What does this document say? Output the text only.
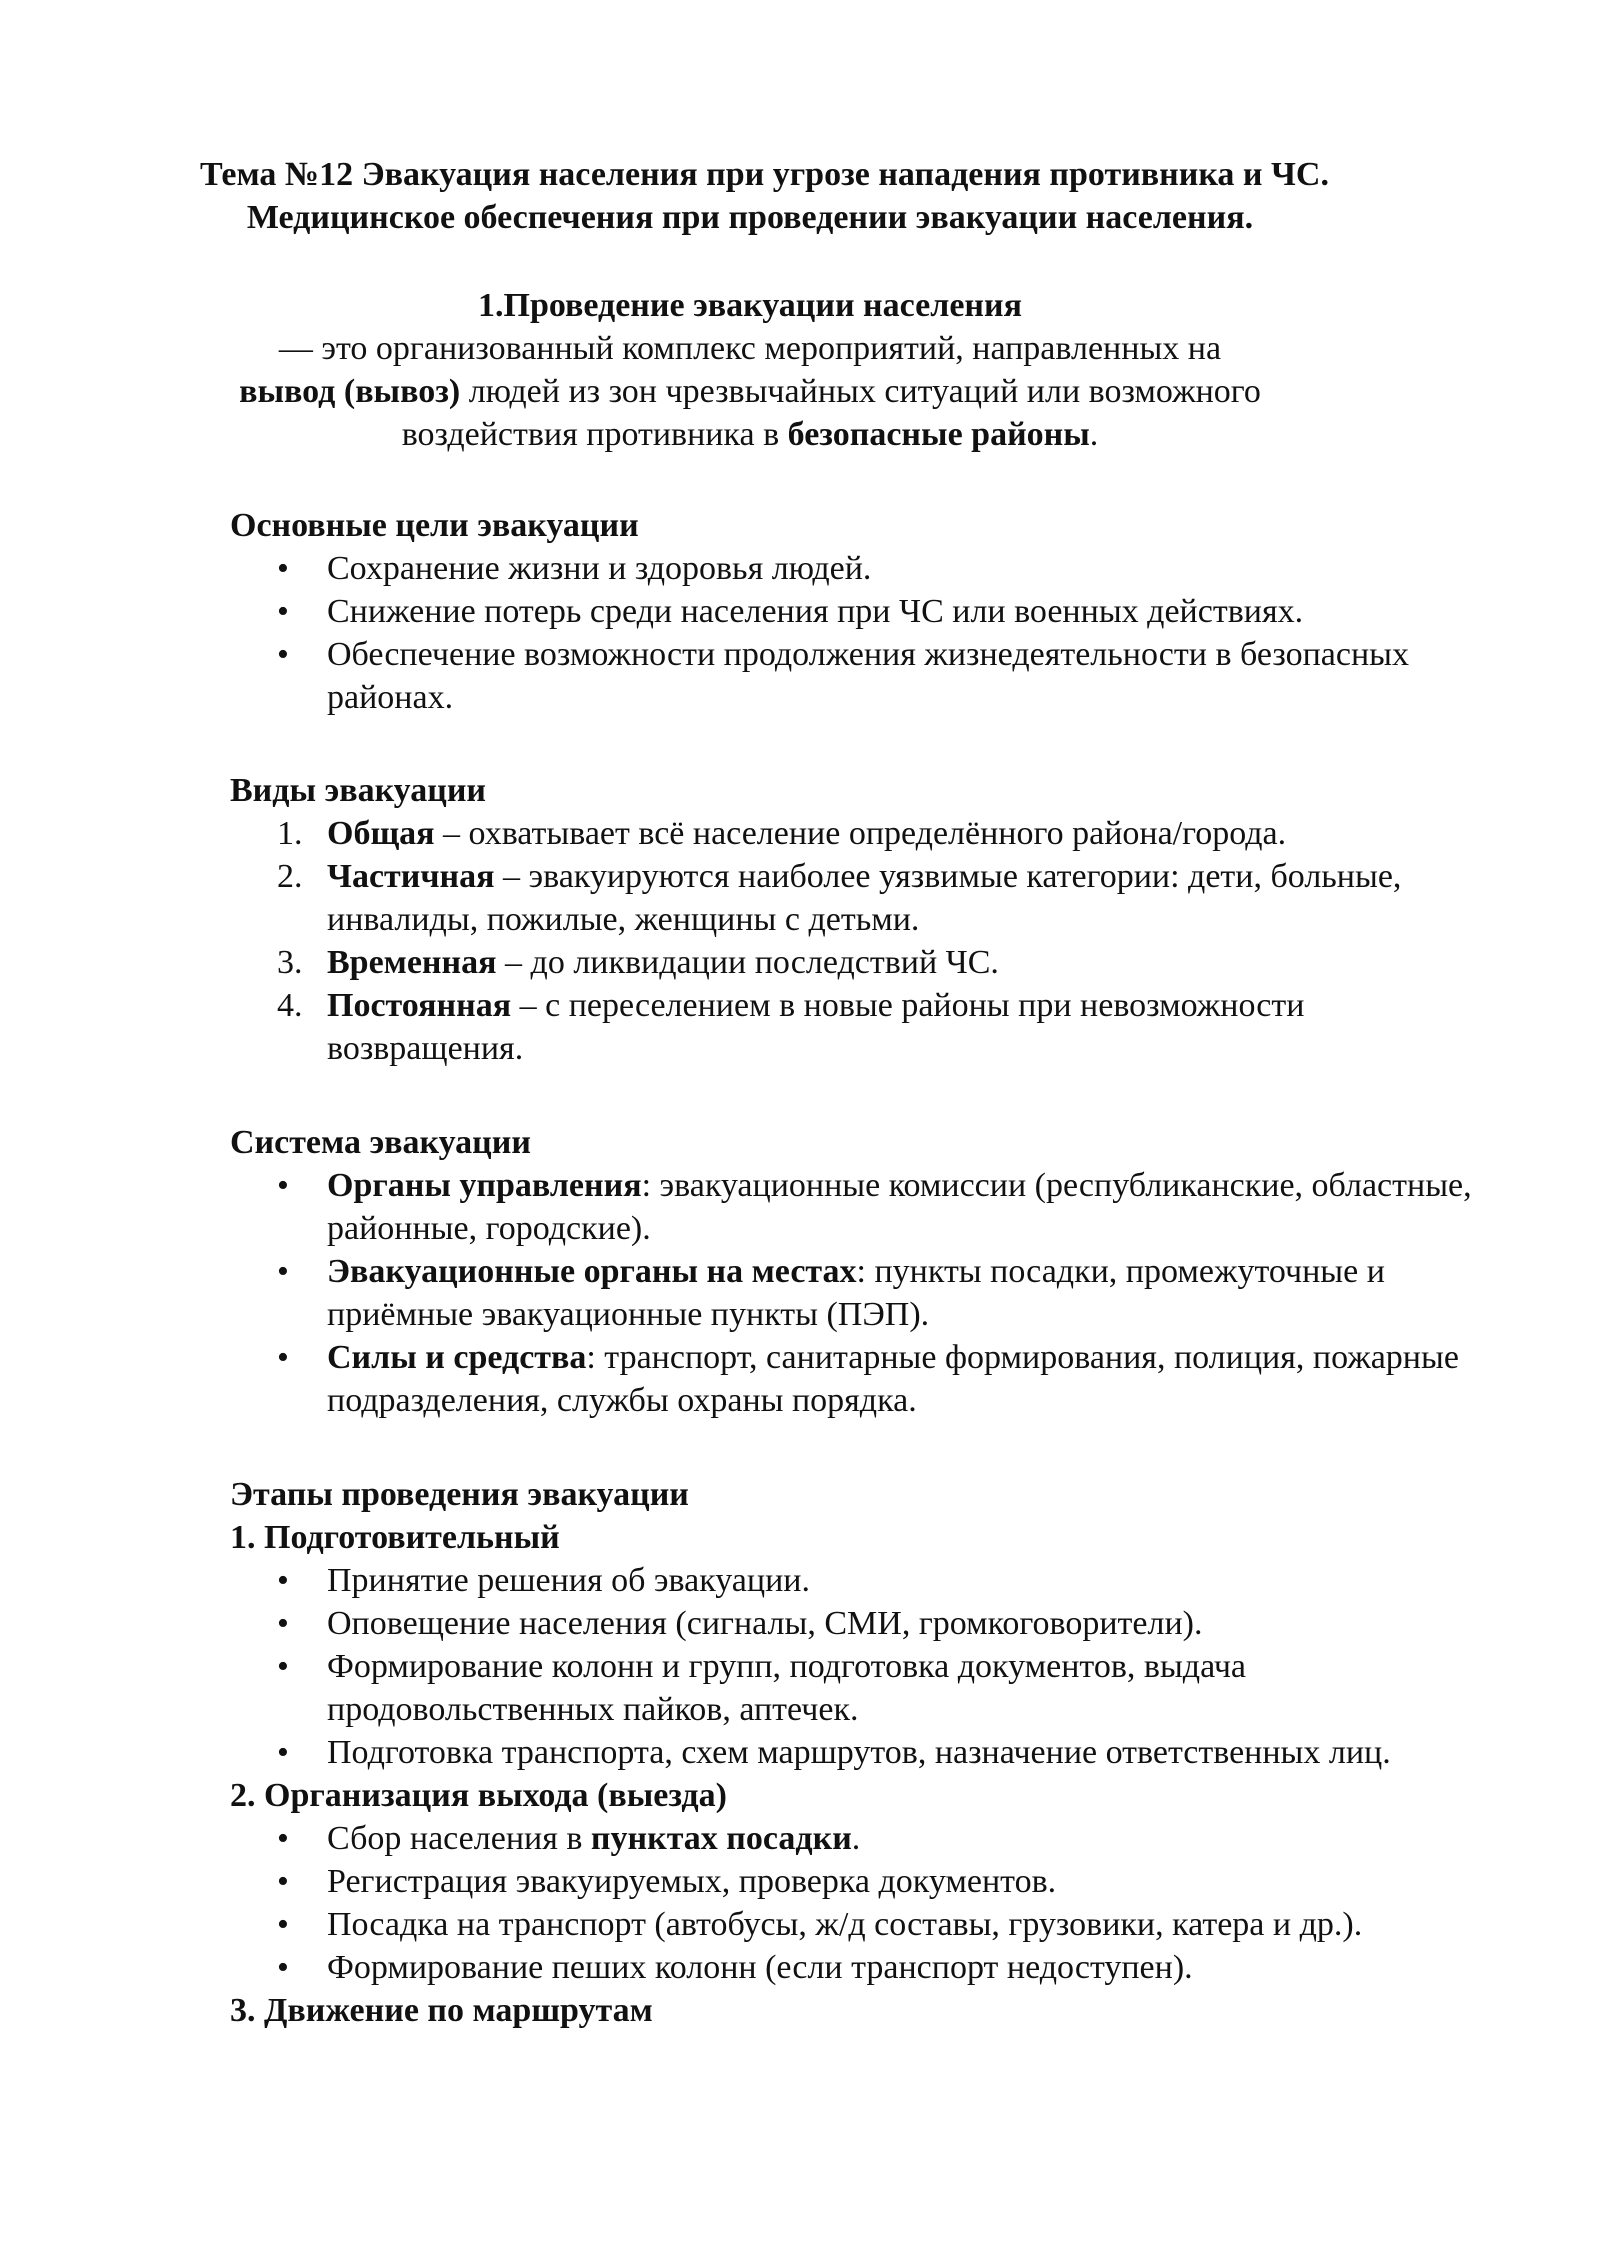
Тема №12 Эвакуация населения при угрозе нападения противника и ЧС.
Медицинское обеспечения при проведении эвакуации населения.
1.Проведение эвакуации населения
— это организованный комплекс мероприятий, направленных на вывод (вывоз) людей из зон чрезвычайных ситуаций или возможного воздействия противника в безопасные районы.
Основные цели эвакуации
• Сохранение жизни и здоровья людей.
• Снижение потерь среди населения при ЧС или военных действиях.
• Обеспечение возможности продолжения жизнедеятельности в безопасных районах.
Виды эвакуации
1. Общая – охватывает всё население определённого района/города.
2. Частичная – эвакуируются наиболее уязвимые категории: дети, больные, инвалиды, пожилые, женщины с детьми.
3. Временная – до ликвидации последствий ЧС.
4. Постоянная – с переселением в новые районы при невозможности возвращения.
Система эвакуации
• Органы управления: эвакуационные комиссии (республиканские, областные, районные, городские).
• Эвакуационные органы на местах: пункты посадки, промежуточные и приёмные эвакуационные пункты (ПЭП).
• Силы и средства: транспорт, санитарные формирования, полиция, пожарные подразделения, службы охраны порядка.
Этапы проведения эвакуации
1. Подготовительный
• Принятие решения об эвакуации.
• Оповещение населения (сигналы, СМИ, громкоговорители).
• Формирование колонн и групп, подготовка документов, выдача продовольственных пайков, аптечек.
• Подготовка транспорта, схем маршрутов, назначение ответственных лиц.
2. Организация выхода (выезда)
• Сбор населения в пунктах посадки.
• Регистрация эвакуируемых, проверка документов.
• Посадка на транспорт (автобусы, ж/д составы, грузовики, катера и др.).
• Формирование пеших колонн (если транспорт недоступен).
3. Движение по маршрутам
